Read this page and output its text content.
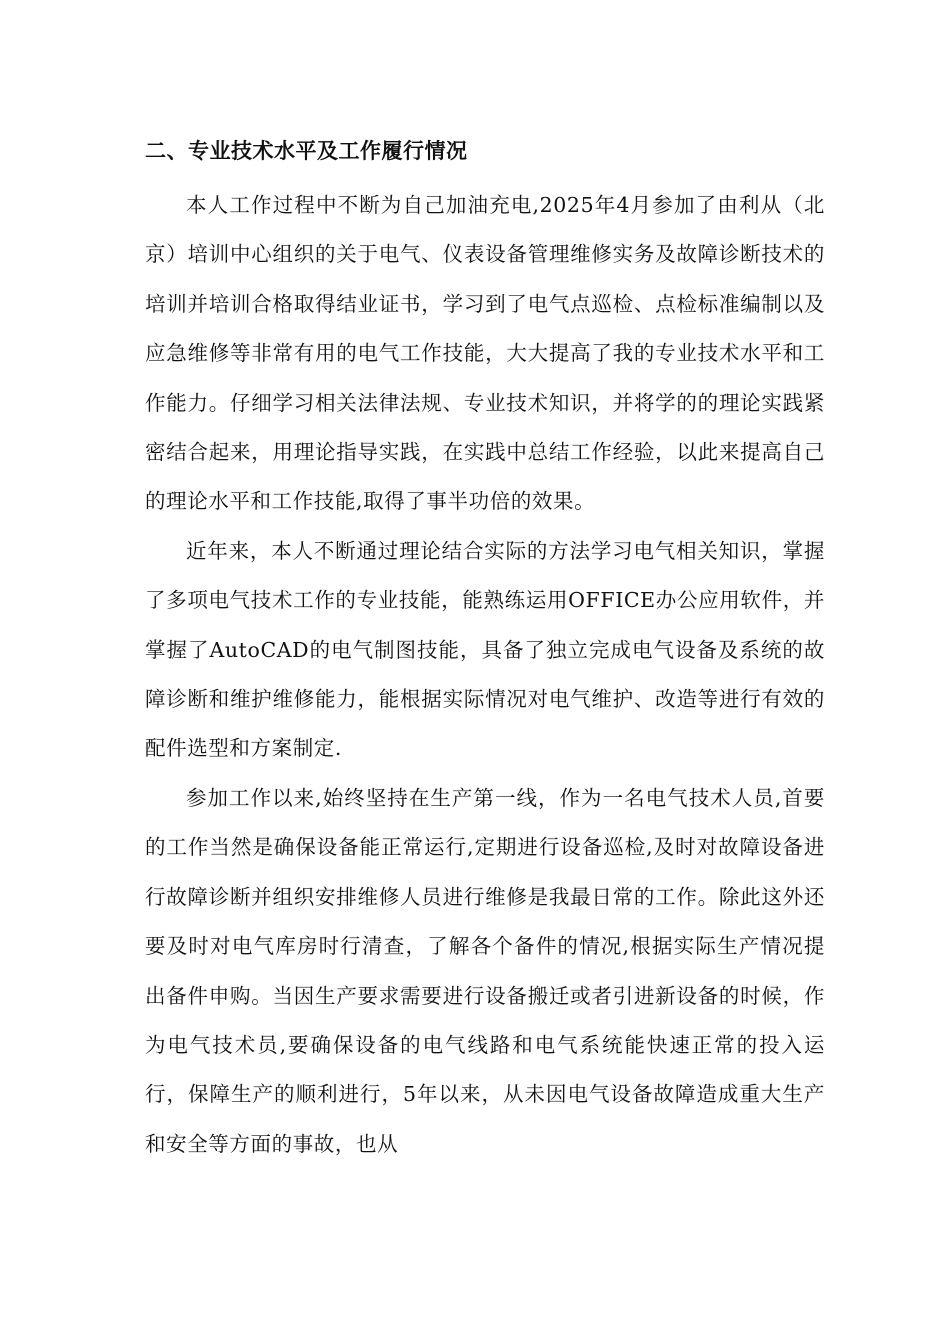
二、专业技术水平及工作履行情况

本人工作过程中不断为自己加油充电,2025年4月参加了由利从（北京）培训中心组织的关于电气、仪表设备管理维修实务及故障诊断技术的培训并培训合格取得结业证书，学习到了电气点巡检、点检标准编制以及应急维修等非常有用的电气工作技能，大大提高了我的专业技术水平和工作能力。仔细学习相关法律法规、专业技术知识，并将学的的理论实践紧密结合起来，用理论指导实践，在实践中总结工作经验，以此来提高自己的理论水平和工作技能,取得了事半功倍的效果。

近年来，本人不断通过理论结合实际的方法学习电气相关知识，掌握了多项电气技术工作的专业技能，能熟练运用OFFICE办公应用软件，并掌握了AutoCAD的电气制图技能，具备了独立完成电气设备及系统的故障诊断和维护维修能力，能根据实际情况对电气维护、改造等进行有效的配件选型和方案制定.

参加工作以来,始终坚持在生产第一线，作为一名电气技术人员,首要的工作当然是确保设备能正常运行,定期进行设备巡检,及时对故障设备进行故障诊断并组织安排维修人员进行维修是我最日常的工作。除此这外还要及时对电气库房时行清查，了解各个备件的情况,根据实际生产情况提出备件申购。当因生产要求需要进行设备搬迁或者引进新设备的时候，作为电气技术员,要确保设备的电气线路和电气系统能快速正常的投入运行，保障生产的顺利进行，5年以来，从未因电气设备故障造成重大生产和安全等方面的事故，也从
